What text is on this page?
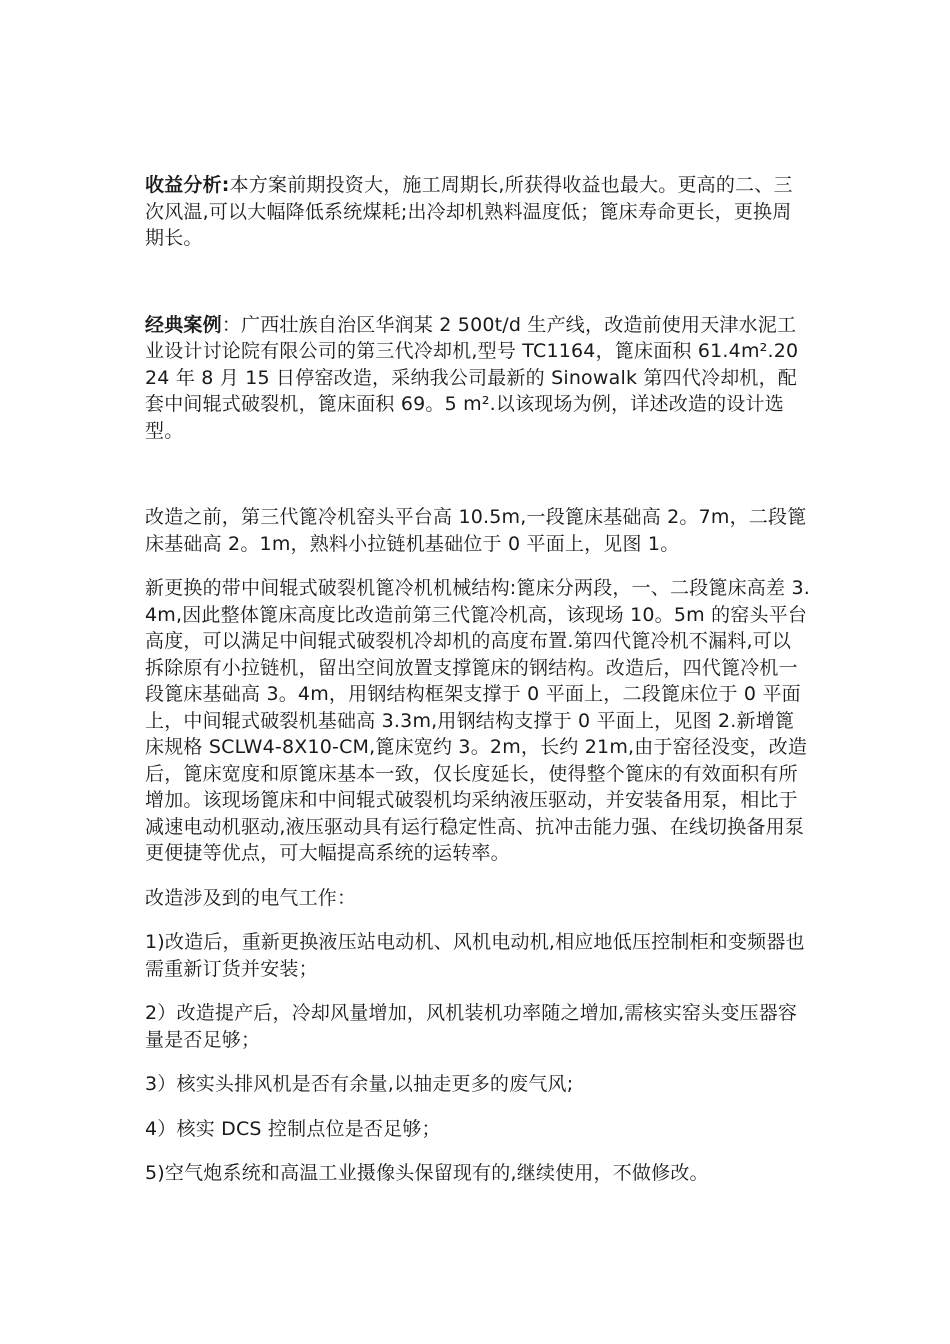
收益分析:本方案前期投资大，施工周期长,所获得收益也最大。更高的二、三次风温,可以大幅降低系统煤耗;出冷却机熟料温度低；篦床寿命更长，更换周期长。

经典案例：广西壮族自治区华润某 2 500t/d 生产线，改造前使用天津水泥工业设计讨论院有限公司的第三代冷却机,型号 TC1164，篦床面积 61.4m².2024 年 8 月 15 日停窑改造，采纳我公司最新的 Sinowalk 第四代冷却机，配套中间辊式破裂机，篦床面积 69。5 m².以该现场为例，详述改造的设计选型。

改造之前，第三代篦冷机窑头平台高 10.5m,一段篦床基础高 2。7m，二段篦床基础高 2。1m，熟料小拉链机基础位于 0 平面上，见图 1。

新更换的带中间辊式破裂机篦冷机机械结构:篦床分两段，一、二段篦床高差 3.4m,因此整体篦床高度比改造前第三代篦冷机高，该现场 10。5m 的窑头平台高度，可以满足中间辊式破裂机冷却机的高度布置.第四代篦冷机不漏料,可以拆除原有小拉链机，留出空间放置支撑篦床的钢结构。改造后，四代篦冷机一段篦床基础高 3。4m，用钢结构框架支撑于 0 平面上，二段篦床位于 0 平面上，中间辊式破裂机基础高 3.3m,用钢结构支撑于 0 平面上，见图 2.新增篦床规格 SCLW4-8X10-CM,篦床宽约 3。2m，长约 21m,由于窑径没变，改造后，篦床宽度和原篦床基本一致，仅长度延长，使得整个篦床的有效面积有所增加。该现场篦床和中间辊式破裂机均采纳液压驱动，并安装备用泵，相比于减速电动机驱动,液压驱动具有运行稳定性高、抗冲击能力强、在线切换备用泵更便捷等优点，可大幅提高系统的运转率。

改造涉及到的电气工作：

1)改造后，重新更换液压站电动机、风机电动机,相应地低压控制柜和变频器也需重新订货并安装；

2）改造提产后，冷却风量增加，风机装机功率随之增加,需核实窑头变压器容量是否足够；

3）核实头排风机是否有余量,以抽走更多的废气风;

4）核实 DCS 控制点位是否足够；

5)空气炮系统和高温工业摄像头保留现有的,继续使用，不做修改。
